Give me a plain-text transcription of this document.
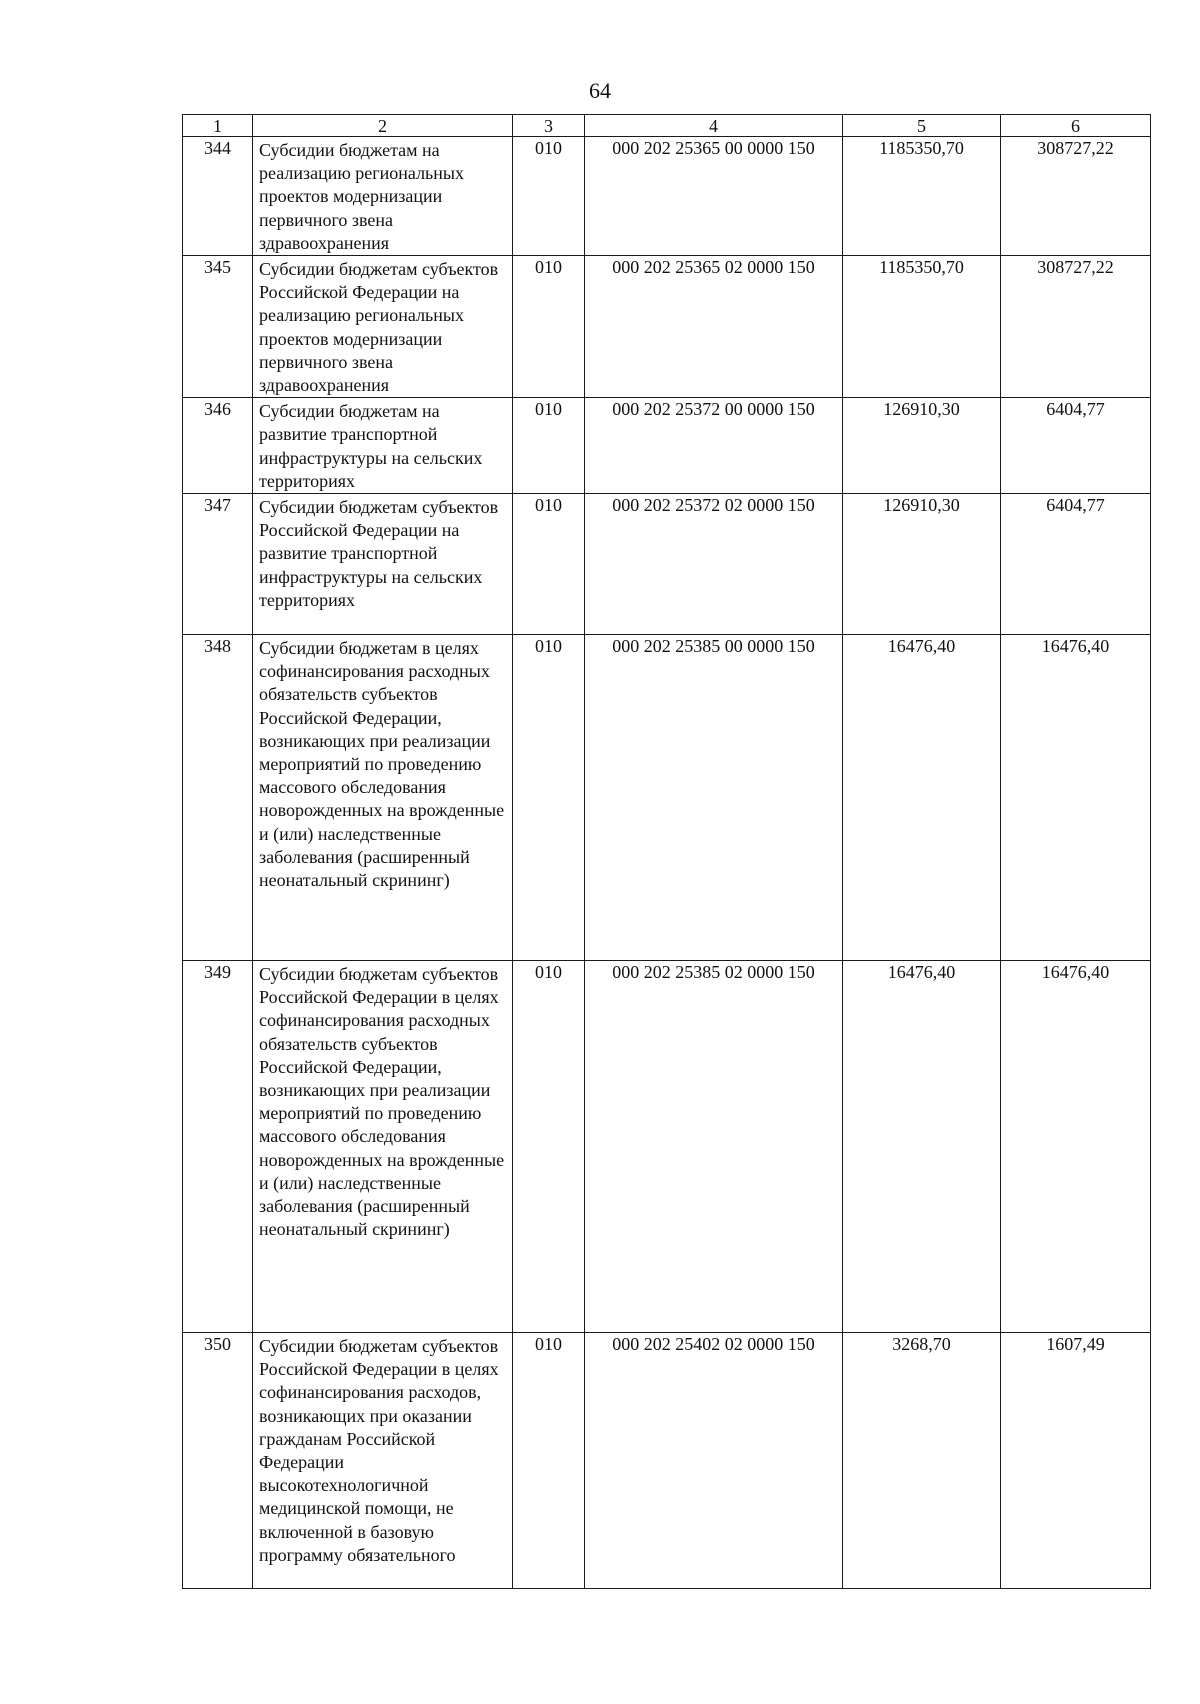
64
1	2	3	4	5	6
344	Субсидии бюджетам на реализацию региональных проектов модернизации первичного звена здравоохранения	010	000 202 25365 00 0000 150	1185350,70	308727,22
345	Субсидии бюджетам субъектов Российской Федерации на реализацию региональных проектов модернизации первичного звена здравоохранения	010	000 202 25365 02 0000 150	1185350,70	308727,22
346	Субсидии бюджетам на развитие транспортной инфраструктуры на сельских территориях	010	000 202 25372 00 0000 150	126910,30	6404,77
347	Субсидии бюджетам субъектов Российской Федерации на развитие транспортной инфраструктуры на сельских территориях	010	000 202 25372 02 0000 150	126910,30	6404,77
348	Субсидии бюджетам в целях софинансирования расходных обязательств субъектов Российской Федерации, возникающих при реализации мероприятий по проведению массового обследования новорожденных на врожденные и (или) наследственные заболевания (расширенный неонатальный скрининг)	010	000 202 25385 00 0000 150	16476,40	16476,40
349	Субсидии бюджетам субъектов Российской Федерации в целях софинансирования расходных обязательств субъектов Российской Федерации, возникающих при реализации мероприятий по проведению массового обследования новорожденных на врожденные и (или) наследственные заболевания (расширенный неонатальный скрининг)	010	000 202 25385 02 0000 150	16476,40	16476,40
350	Субсидии бюджетам субъектов Российской Федерации в целях софинансирования расходов, возникающих при оказании гражданам Российской Федерации высокотехнологичной медицинской помощи, не включенной в базовую программу обязательного	010	000 202 25402 02 0000 150	3268,70	1607,49
